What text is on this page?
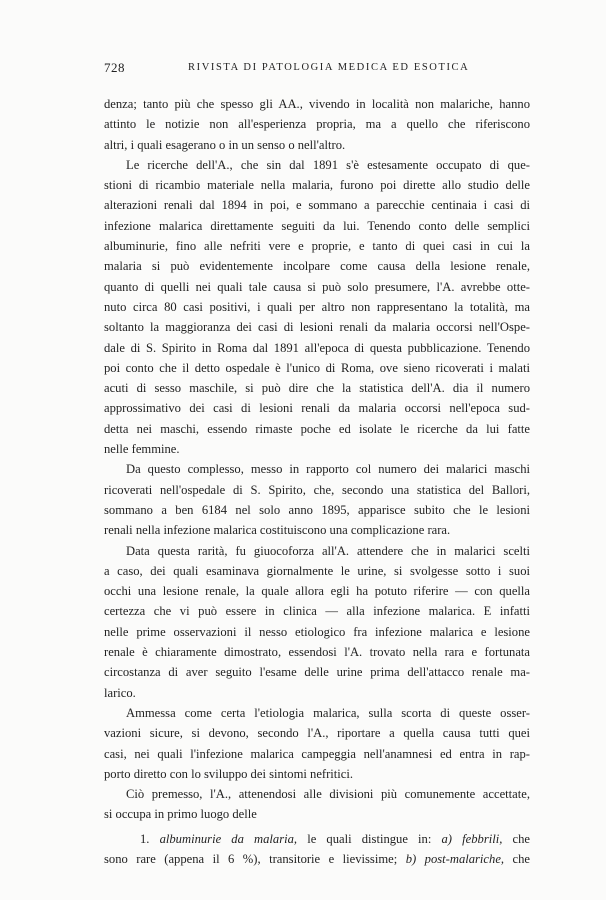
728	RIVISTA DI PATOLOGIA MEDICA ED ESOTICA
denza; tanto più che spesso gli AA., vivendo in località non malariche, hanno
attinto le notizie non all'esperienza propria, ma a quello che riferiscono
altri, i quali esagerano o in un senso o nell'altro.
Le ricerche dell'A., che sin dal 1891 s'è estesamente occupato di que-
stioni di ricambio materiale nella malaria, furono poi dirette allo studio delle
alterazioni renali dal 1894 in poi, e sommano a parecchie centinaia i casi di
infezione malarica direttamente seguiti da lui. Tenendo conto delle semplici
albuminurie, fino alle nefriti vere e proprie, e tanto di quei casi in cui la
malaria si può evidentemente incolpare come causa della lesione renale,
quanto di quelli nei quali tale causa si può solo presumere, l'A. avrebbe otte-
nuto circa 80 casi positivi, i quali per altro non rappresentano la totalità, ma
soltanto la maggioranza dei casi di lesioni renali da malaria occorsi nell'Ospe-
dale di S. Spirito in Roma dal 1891 all'epoca di questa pubblicazione. Tenendo
poi conto che il detto ospedale è l'unico di Roma, ove sieno ricoverati i malati
acuti di sesso maschile, si può dire che la statistica dell'A. dia il numero
approssimativo dei casi di lesioni renali da malaria occorsi nell'epoca sud-
detta nei maschi, essendo rimaste poche ed isolate le ricerche da lui fatte
nelle femmine.
Da questo complesso, messo in rapporto col numero dei malarici maschi
ricoverati nell'ospedale di S. Spirito, che, secondo una statistica del Ballori,
sommano a ben 6184 nel solo anno 1895, apparisce subito che le lesioni
renali nella infezione malarica costituiscono una complicazione rara.
Data questa rarità, fu giuocoforza all'A. attendere che in malarici scelti
a caso, dei quali esaminava giornalmente le urine, si svolgesse sotto i suoi
occhi una lesione renale, la quale allora egli ha potuto riferire — con quella
certezza che vi può essere in clinica — alla infezione malarica. E infatti
nelle prime osservazioni il nesso etiologico fra infezione malarica e lesione
renale è chiaramente dimostrato, essendosi l'A. trovato nella rara e fortunata
circostanza di aver seguito l'esame delle urine prima dell'attacco renale ma-
larico.
Ammessa come certa l'etiologia malarica, sulla scorta di queste osser-
vazioni sicure, si devono, secondo l'A., riportare a quella causa tutti quei
casi, nei quali l'infezione malarica campeggia nell'anamnesi ed entra in rap-
porto diretto con lo sviluppo dei sintomi nefritici.
Ciò premesso, l'A., attenendosi alle divisioni più comunemente accettate,
si occupa in primo luogo delle
1. albuminurie da malaria, le quali distingue in: a) febbrili, che
sono rare (appena il 6 %), transitorie e lievissime; b) post-malariche, che
